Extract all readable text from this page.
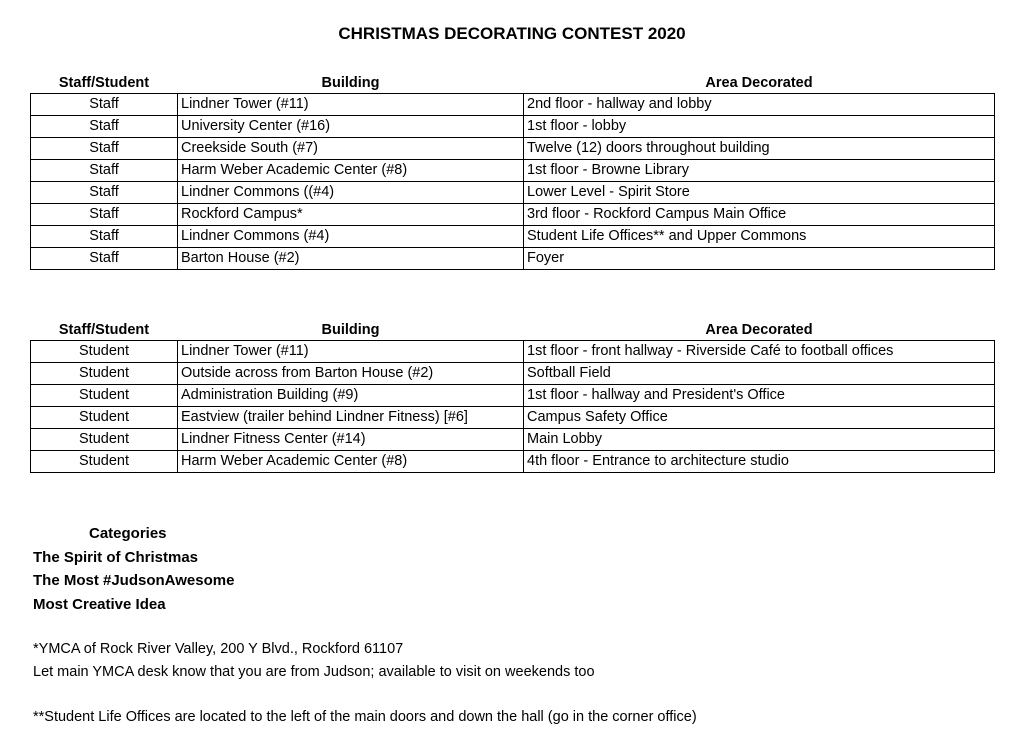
CHRISTMAS DECORATING CONTEST 2020
Staff/Student	Building	Area Decorated
Staff	Lindner Tower (#11)	2nd floor - hallway and lobby
Staff	University Center (#16)	1st floor - lobby
Staff	Creekside South (#7)	Twelve (12) doors throughout building
Staff	Harm Weber Academic Center (#8)	1st floor - Browne Library
Staff	Lindner Commons ((#4)	Lower Level - Spirit Store
Staff	Rockford Campus*	3rd floor - Rockford Campus Main Office
Staff	Lindner Commons (#4)	Student Life Offices** and Upper Commons
Staff	Barton House (#2)	Foyer
Staff/Student	Building	Area Decorated
Student	Lindner Tower (#11)	1st floor - front hallway - Riverside Café to football offices
Student	Outside across from Barton House (#2)	Softball Field
Student	Administration Building (#9)	1st floor - hallway and President's Office
Student	Eastview (trailer behind Lindner Fitness) [#6]	Campus Safety Office
Student	Lindner Fitness Center (#14)	Main Lobby
Student	Harm Weber Academic Center (#8)	4th floor - Entrance to architecture studio
Categories
The Spirit of Christmas
The Most #JudsonAwesome
Most Creative Idea
*YMCA of Rock River Valley, 200 Y Blvd., Rockford 61107
Let main YMCA desk know that you are from Judson; available to visit on weekends too
**Student Life Offices are located to the left of the main doors and down the hall (go in the corner office)
